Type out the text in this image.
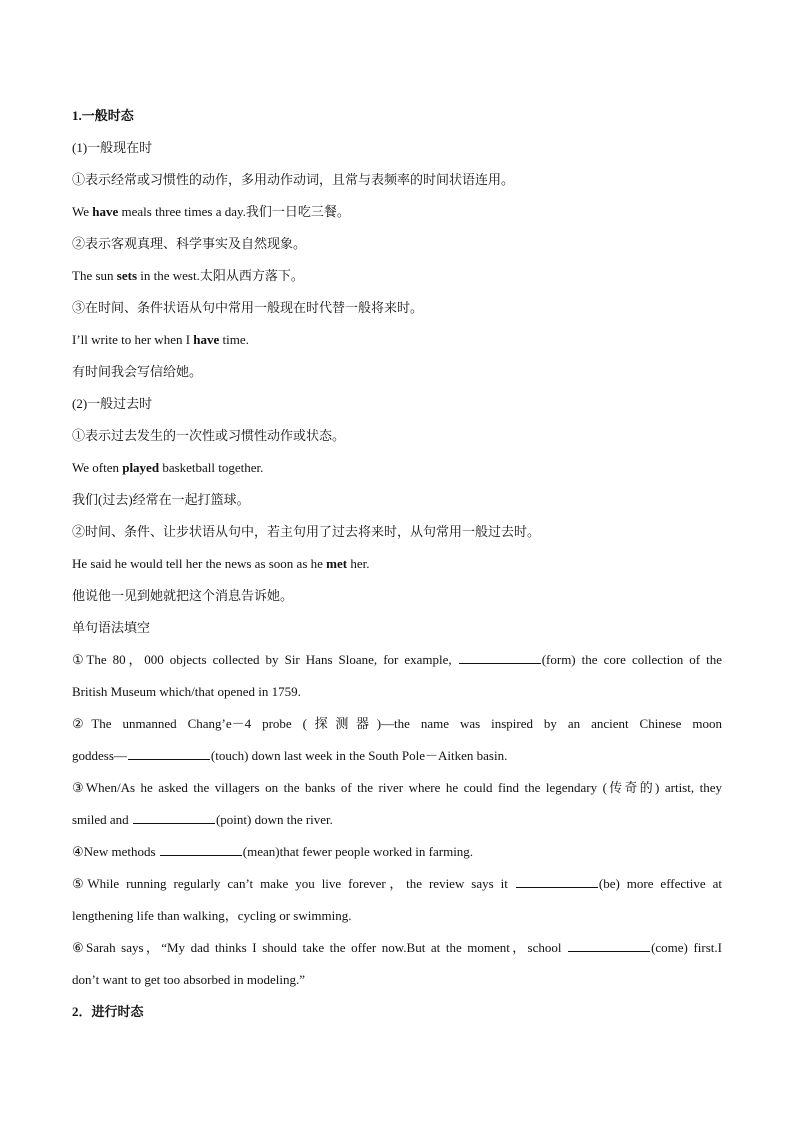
1.一般时态
(1)一般现在时
①表示经常或习惯性的动作，多用动作动词，且常与表频率的时间状语连用。
We have meals three times a day.我们一日吃三餐。
②表示客观真理、科学事实及自然现象。
The sun sets in the west.太阳从西方落下。
③在时间、条件状语从句中常用一般现在时代替一般将来时。
I’ll write to her when I have time.
有时间我会写信给她。
(2)一般过去时
①表示过去发生的一次性或习惯性动作或状态。
We often played basketball together.
我们(过去)经常在一起打篮球。
②时间、条件、让步状语从句中，若主句用了过去将来时，从句常用一般过去时。
He said he would tell her the news as soon as he met her.
他说他一见到她就把这个消息告诉她。
单句语法填空
①The 80，000 objects collected by Sir Hans Sloane, for example,	(form) the core collection of the
British Museum which/that opened in 1759.
②The unmanned Chang’e－4 probe (探测器)—the name was inspired by an ancient Chinese moon
goddess—	(touch) down last week in the South Pole－Aitken basin.
③When/As he asked the villagers on the banks of the river where he could find the legendary (传奇的) artist, they
smiled and	(point) down the river.
④New methods	(mean)that fewer people worked in farming.
⑤While running regularly can’t make you live forever，the review says it	(be) more effective at
lengthening life than walking，cycling or swimming.
⑥Sarah says，“My dad thinks I should take the offer now.But at the moment，school	(come) first.I
don’t want to get too absorbed in modeling.”
2．进行时态
